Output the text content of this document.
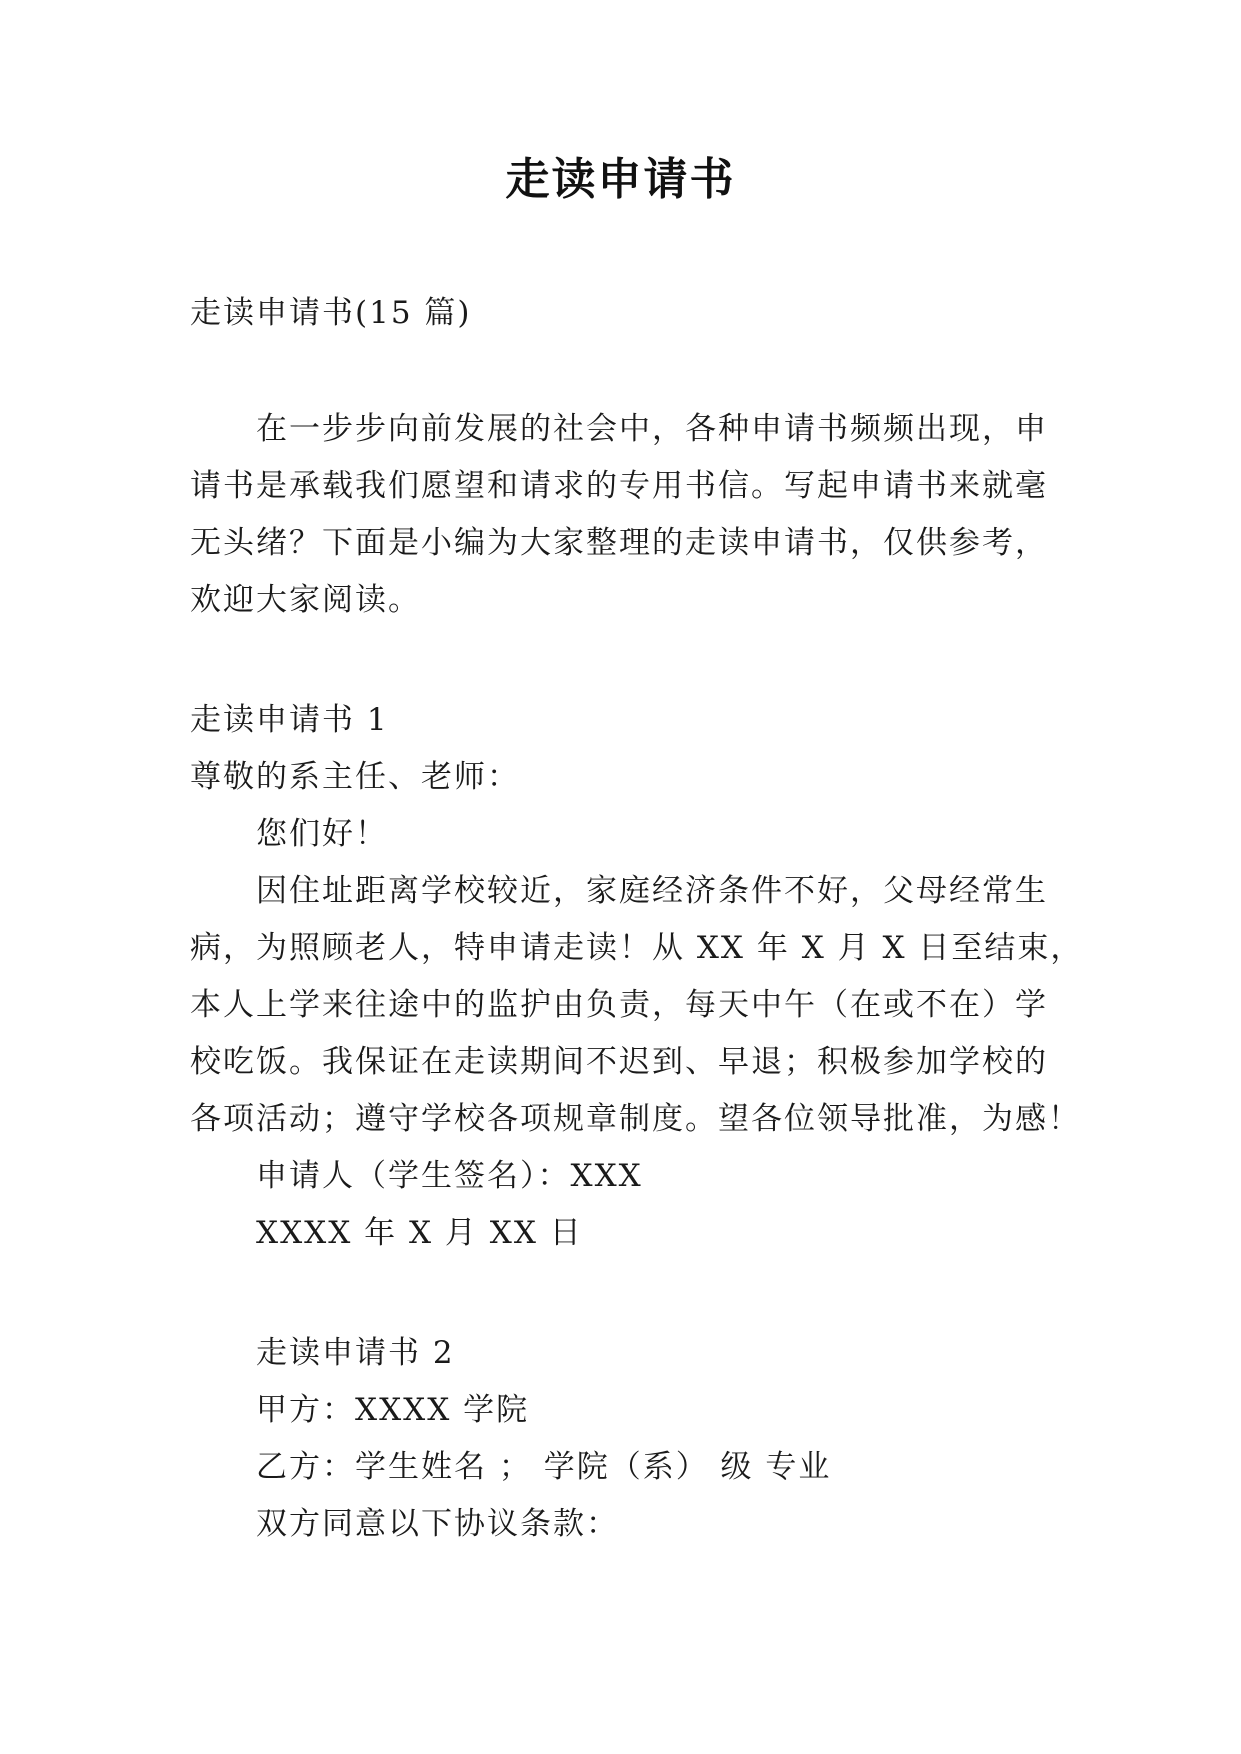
走读申请书
走读申请书(15 篇)
在一步步向前发展的社会中，各种申请书频频出现，申
请书是承载我们愿望和请求的专用书信。写起申请书来就毫
无头绪？下面是小编为大家整理的走读申请书，仅供参考，
欢迎大家阅读。
走读申请书 1
尊敬的系主任、老师：
您们好！
因住址距离学校较近，家庭经济条件不好，父母经常生
病，为照顾老人，特申请走读！从 XX 年 X 月 X 日至结束，
本人上学来往途中的监护由负责，每天中午（在或不在）学
校吃饭。我保证在走读期间不迟到、早退；积极参加学校的
各项活动；遵守学校各项规章制度。望各位领导批准，为感！
申请人（学生签名）：XXX
XXXX 年 X 月 XX 日
走读申请书 2
甲方：XXXX 学院
乙方：学生姓名 ； 学院（系） 级 专业
双方同意以下协议条款：
